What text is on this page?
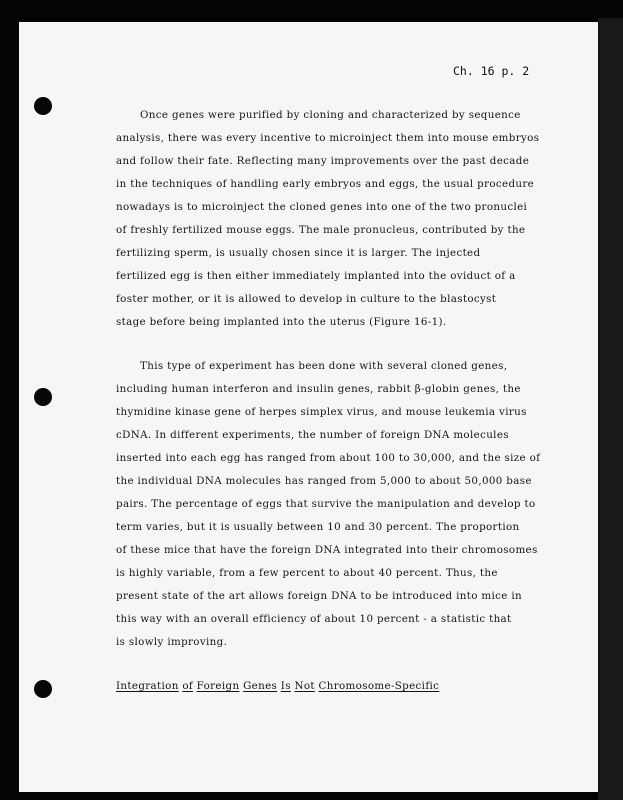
Ch. 16 p. 2

Once genes were purified by cloning and characterized by sequence
analysis, there was every incentive to microinject them into mouse embryos
and follow their fate. Reflecting many improvements over the past decade
in the techniques of handling early embryos and eggs, the usual procedure
nowadays is to microinject the cloned genes into one of the two pronuclei
of freshly fertilized mouse eggs. The male pronucleus, contributed by the
fertilizing sperm, is usually chosen since it is larger. The injected
fertilized egg is then either immediately implanted into the oviduct of a
foster mother, or it is allowed to develop in culture to the blastocyst
stage before being implanted into the uterus (Figure 16-1).

This type of experiment has been done with several cloned genes,
including human interferon and insulin genes, rabbit β-globin genes, the
thymidine kinase gene of herpes simplex virus, and mouse leukemia virus
cDNA. In different experiments, the number of foreign DNA molecules
inserted into each egg has ranged from about 100 to 30,000, and the size of
the individual DNA molecules has ranged from 5,000 to about 50,000 base
pairs. The percentage of eggs that survive the manipulation and develop to
term varies, but it is usually between 10 and 30 percent. The proportion
of these mice that have the foreign DNA integrated into their chromosomes
is highly variable, from a few percent to about 40 percent. Thus, the
present state of the art allows foreign DNA to be introduced into mice in
this way with an overall efficiency of about 10 percent - a statistic that
is slowly improving.

Integration of Foreign Genes Is Not Chromosome-Specific
